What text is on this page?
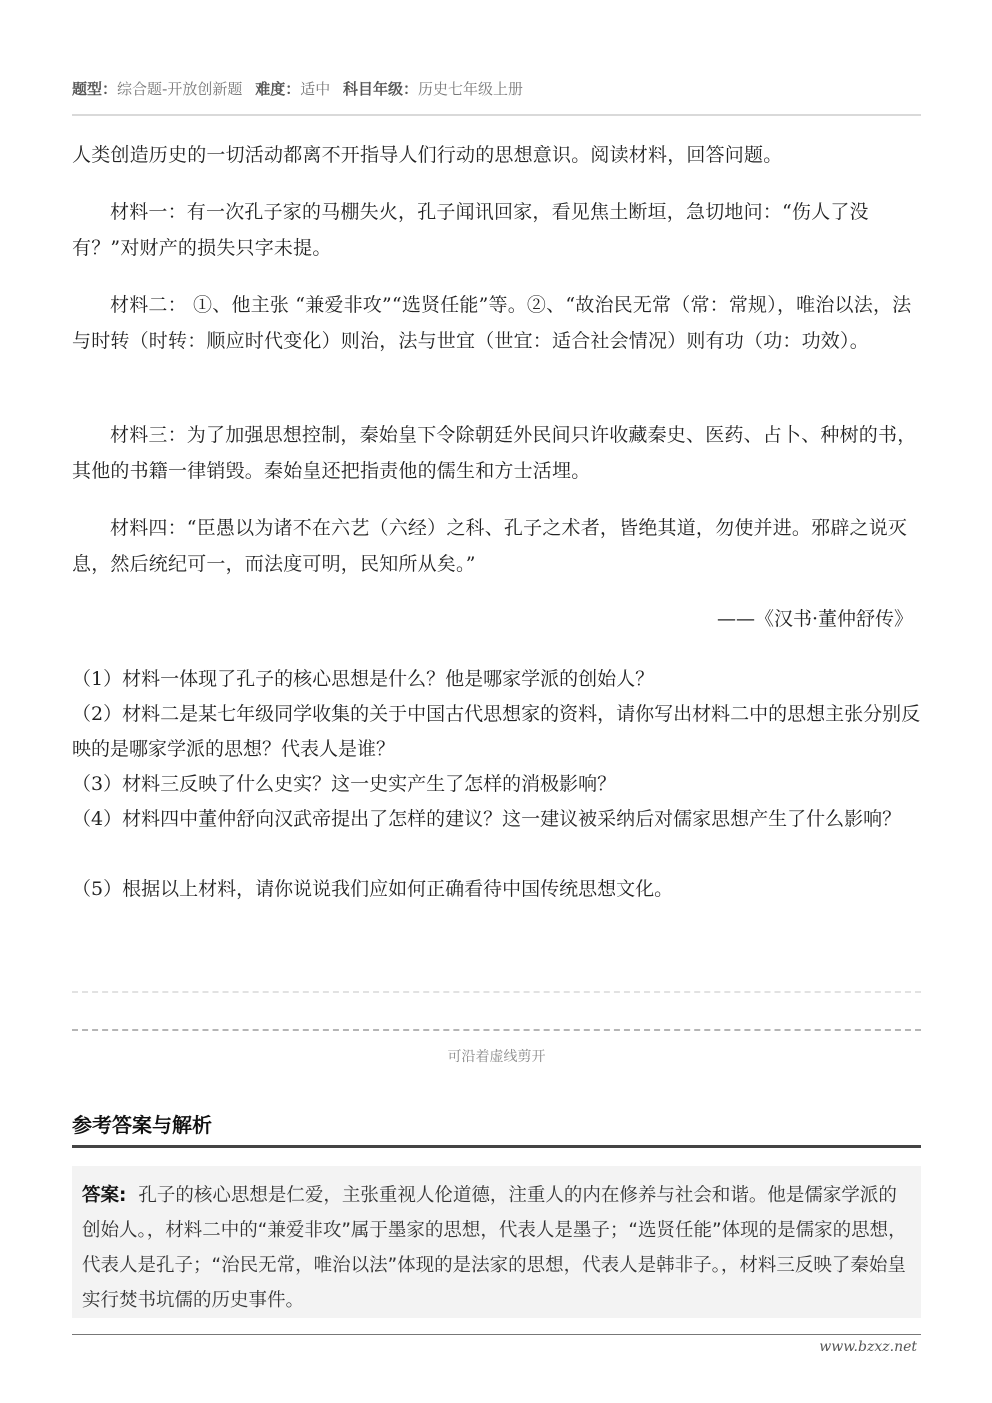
题型：综合题-开放创新题 难度：适中 科目年级：历史七年级上册
人类创造历史的一切活动都离不开指导人们行动的思想意识。阅读材料，回答问题。
材料一：有一次孔子家的马棚失火，孔子闻讯回家，看见焦土断垣，急切地问：“伤人了没有？”对财产的损失只字未提。
材料二： ①、他主张 “兼爱非攻”“选贤任能”等。②、“故治民无常（常：常规），唯治以法，法与时转（时转：顺应时代变化）则治，法与世宜（世宜：适合社会情况）则有功（功：功效）。
材料三：为了加强思想控制，秦始皇下令除朝廷外民间只许收藏秦史、医药、占卜、种树的书，其他的书籍一律销毁。秦始皇还把指责他的儒生和方士活埋。
材料四：“臣愚以为诸不在六艺（六经）之科、孔子之术者，皆绝其道，勿使并进。邪辟之说灭息，然后统纪可一，而法度可明，民知所从矣。”
——《汉书·董仲舒传》
（1）材料一体现了孔子的核心思想是什么？他是哪家学派的创始人？
（2）材料二是某七年级同学收集的关于中国古代思想家的资料，请你写出材料二中的思想主张分别反映的是哪家学派的思想？代表人是谁？
（3）材料三反映了什么史实？这一史实产生了怎样的消极影响？
（4）材料四中董仲舒向汉武帝提出了怎样的建议？这一建议被采纳后对儒家思想产生了什么影响？
（5）根据以上材料，请你说说我们应如何正确看待中国传统思想文化。
可沿着虚线剪开
参考答案与解析
答案: 孔子的核心思想是仁爱，主张重视人伦道德，注重人的内在修养与社会和谐。他是儒家学派的创始人。，材料二中的“兼爱非攻”属于墨家的思想，代表人是墨子；“选贤任能”体现的是儒家的思想，代表人是孔子；“治民无常，唯治以法”体现的是法家的思想，代表人是韩非子。，材料三反映了秦始皇实行焚书坑儒的历史事件。
www.bzxz.net
